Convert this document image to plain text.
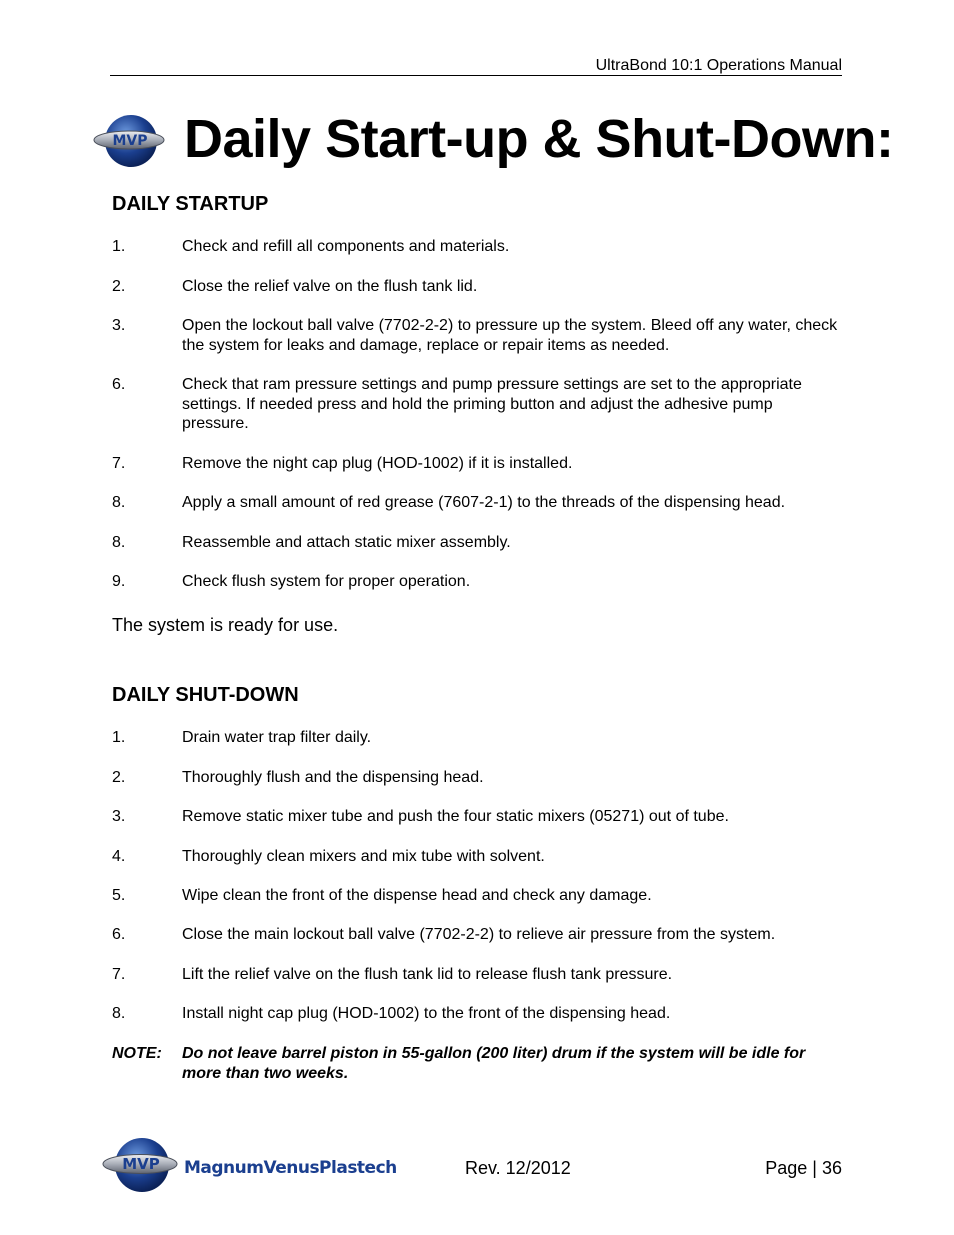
UltraBond 10:1 Operations Manual
MVP Daily Start-up & Shut-Down:
DAILY STARTUP
1.	Check and refill all components and materials.
2.	Close the relief valve on the flush tank lid.
3.	Open the lockout ball valve (7702-2-2) to pressure up the system. Bleed off any water, check the system for leaks and damage, replace or repair items as needed.
6.	Check that ram pressure settings and pump pressure settings are set to the appropriate settings. If needed press and hold the priming button and adjust the adhesive pump pressure.
7.	Remove the night cap plug (HOD-1002) if it is installed.
8.	Apply a small amount of red grease (7607-2-1) to the threads of the dispensing head.
8.	Reassemble and attach static mixer assembly.
9.	Check flush system for proper operation.
The system is ready for use.
DAILY SHUT-DOWN
1.	Drain water trap filter daily.
2.	Thoroughly flush and the dispensing head.
3.	Remove static mixer tube and push the four static mixers (05271) out of tube.
4.	Thoroughly clean mixers and mix tube with solvent.
5.	Wipe clean the front of the dispense head and check any damage.
6.	Close the main lockout ball valve (7702-2-2) to relieve air pressure from the system.
7.	Lift the relief valve on the flush tank lid to release flush tank pressure.
8.	Install night cap plug (HOD-1002) to the front of the dispensing head.
NOTE: Do not leave barrel piston in 55-gallon (200 liter) drum if the system will be idle for more than two weeks.
MVP MagnumVenusPlastech	Rev. 12/2012	Page | 36
